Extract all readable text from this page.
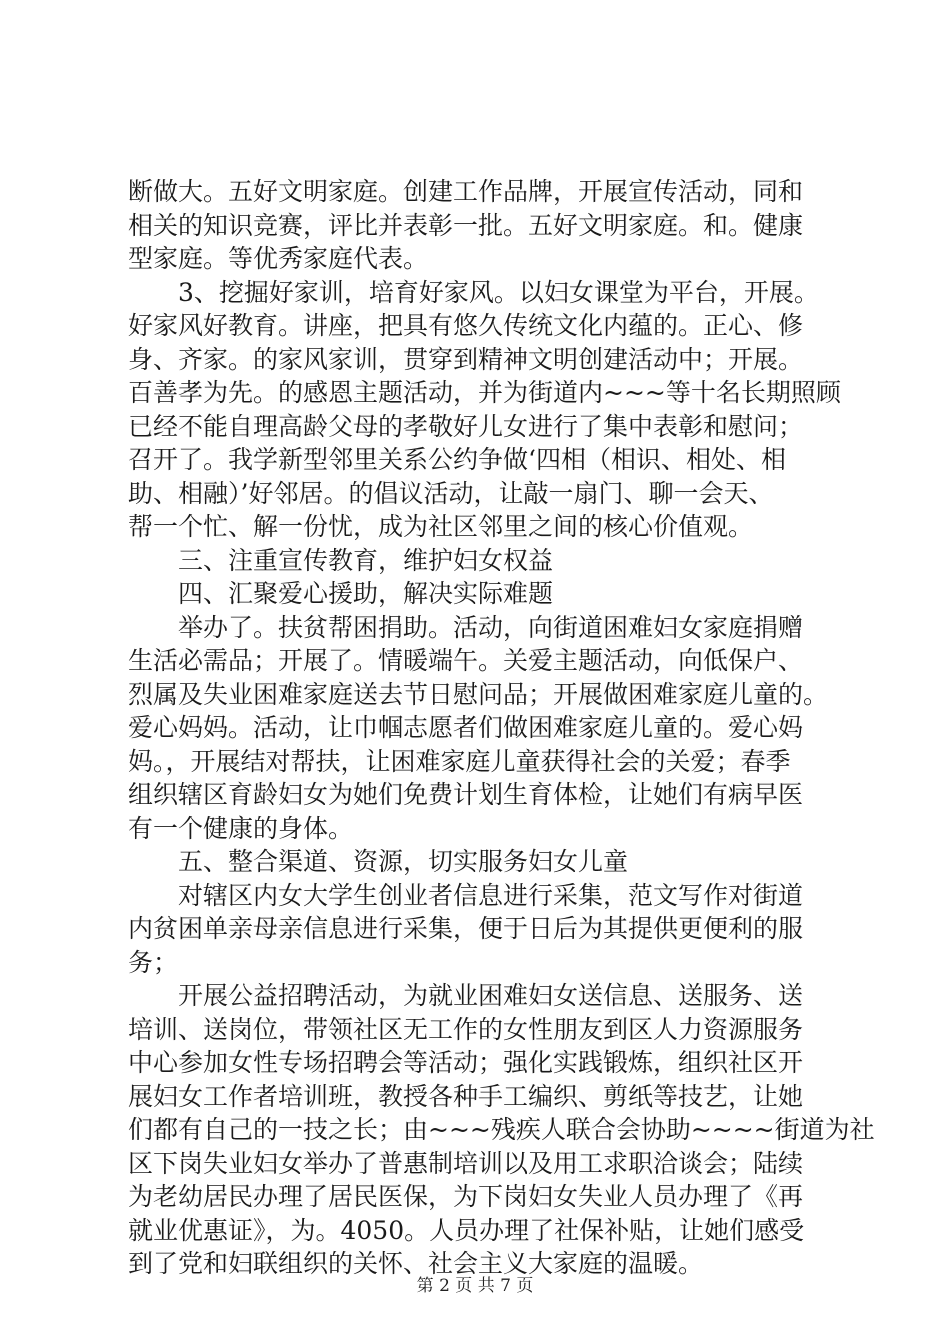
断做大。五好文明家庭。创建工作品牌，开展宣传活动，同和
相关的知识竞赛，评比并表彰一批。五好文明家庭。和。健康
型家庭。等优秀家庭代表。
　　3、挖掘好家训，培育好家风。以妇女课堂为平台，开展。
好家风好教育。讲座，把具有悠久传统文化内蕴的。正心、修
身、齐家。的家风家训，贯穿到精神文明创建活动中；开展。
百善孝为先。的感恩主题活动，并为街道内~~~等十名长期照顾
已经不能自理高龄父母的孝敬好儿女进行了集中表彰和慰问；
召开了。我学新型邻里关系公约争做‘四相（相识、相处、相
助、相融）’好邻居。的倡议活动，让敲一扇门、聊一会天、
帮一个忙、解一份忧，成为社区邻里之间的核心价值观。
　　三、注重宣传教育，维护妇女权益
　　四、汇聚爱心援助，解决实际难题
　　举办了。扶贫帮困捐助。活动，向街道困难妇女家庭捐赠
生活必需品；开展了。情暖端午。关爱主题活动，向低保户、
烈属及失业困难家庭送去节日慰问品；开展做困难家庭儿童的。
爱心妈妈。活动，让巾帼志愿者们做困难家庭儿童的。爱心妈
妈。，开展结对帮扶，让困难家庭儿童获得社会的关爱；春季
组织辖区育龄妇女为她们免费计划生育体检，让她们有病早医
有一个健康的身体。
　　五、整合渠道、资源，切实服务妇女儿童
　　对辖区内女大学生创业者信息进行采集，范文写作对街道
内贫困单亲母亲信息进行采集，便于日后为其提供更便利的服
务；
　　开展公益招聘活动，为就业困难妇女送信息、送服务、送
培训、送岗位，带领社区无工作的女性朋友到区人力资源服务
中心参加女性专场招聘会等活动；强化实践锻炼，组织社区开
展妇女工作者培训班，教授各种手工编织、剪纸等技艺，让她
们都有自己的一技之长；由~~~残疾人联合会协助~~~~街道为社
区下岗失业妇女举办了普惠制培训以及用工求职洽谈会；陆续
为老幼居民办理了居民医保，为下岗妇女失业人员办理了《再
就业优惠证》，为。4050。人员办理了社保补贴，让她们感受
到了党和妇联组织的关怀、社会主义大家庭的温暖。
第 2 页 共 7 页
